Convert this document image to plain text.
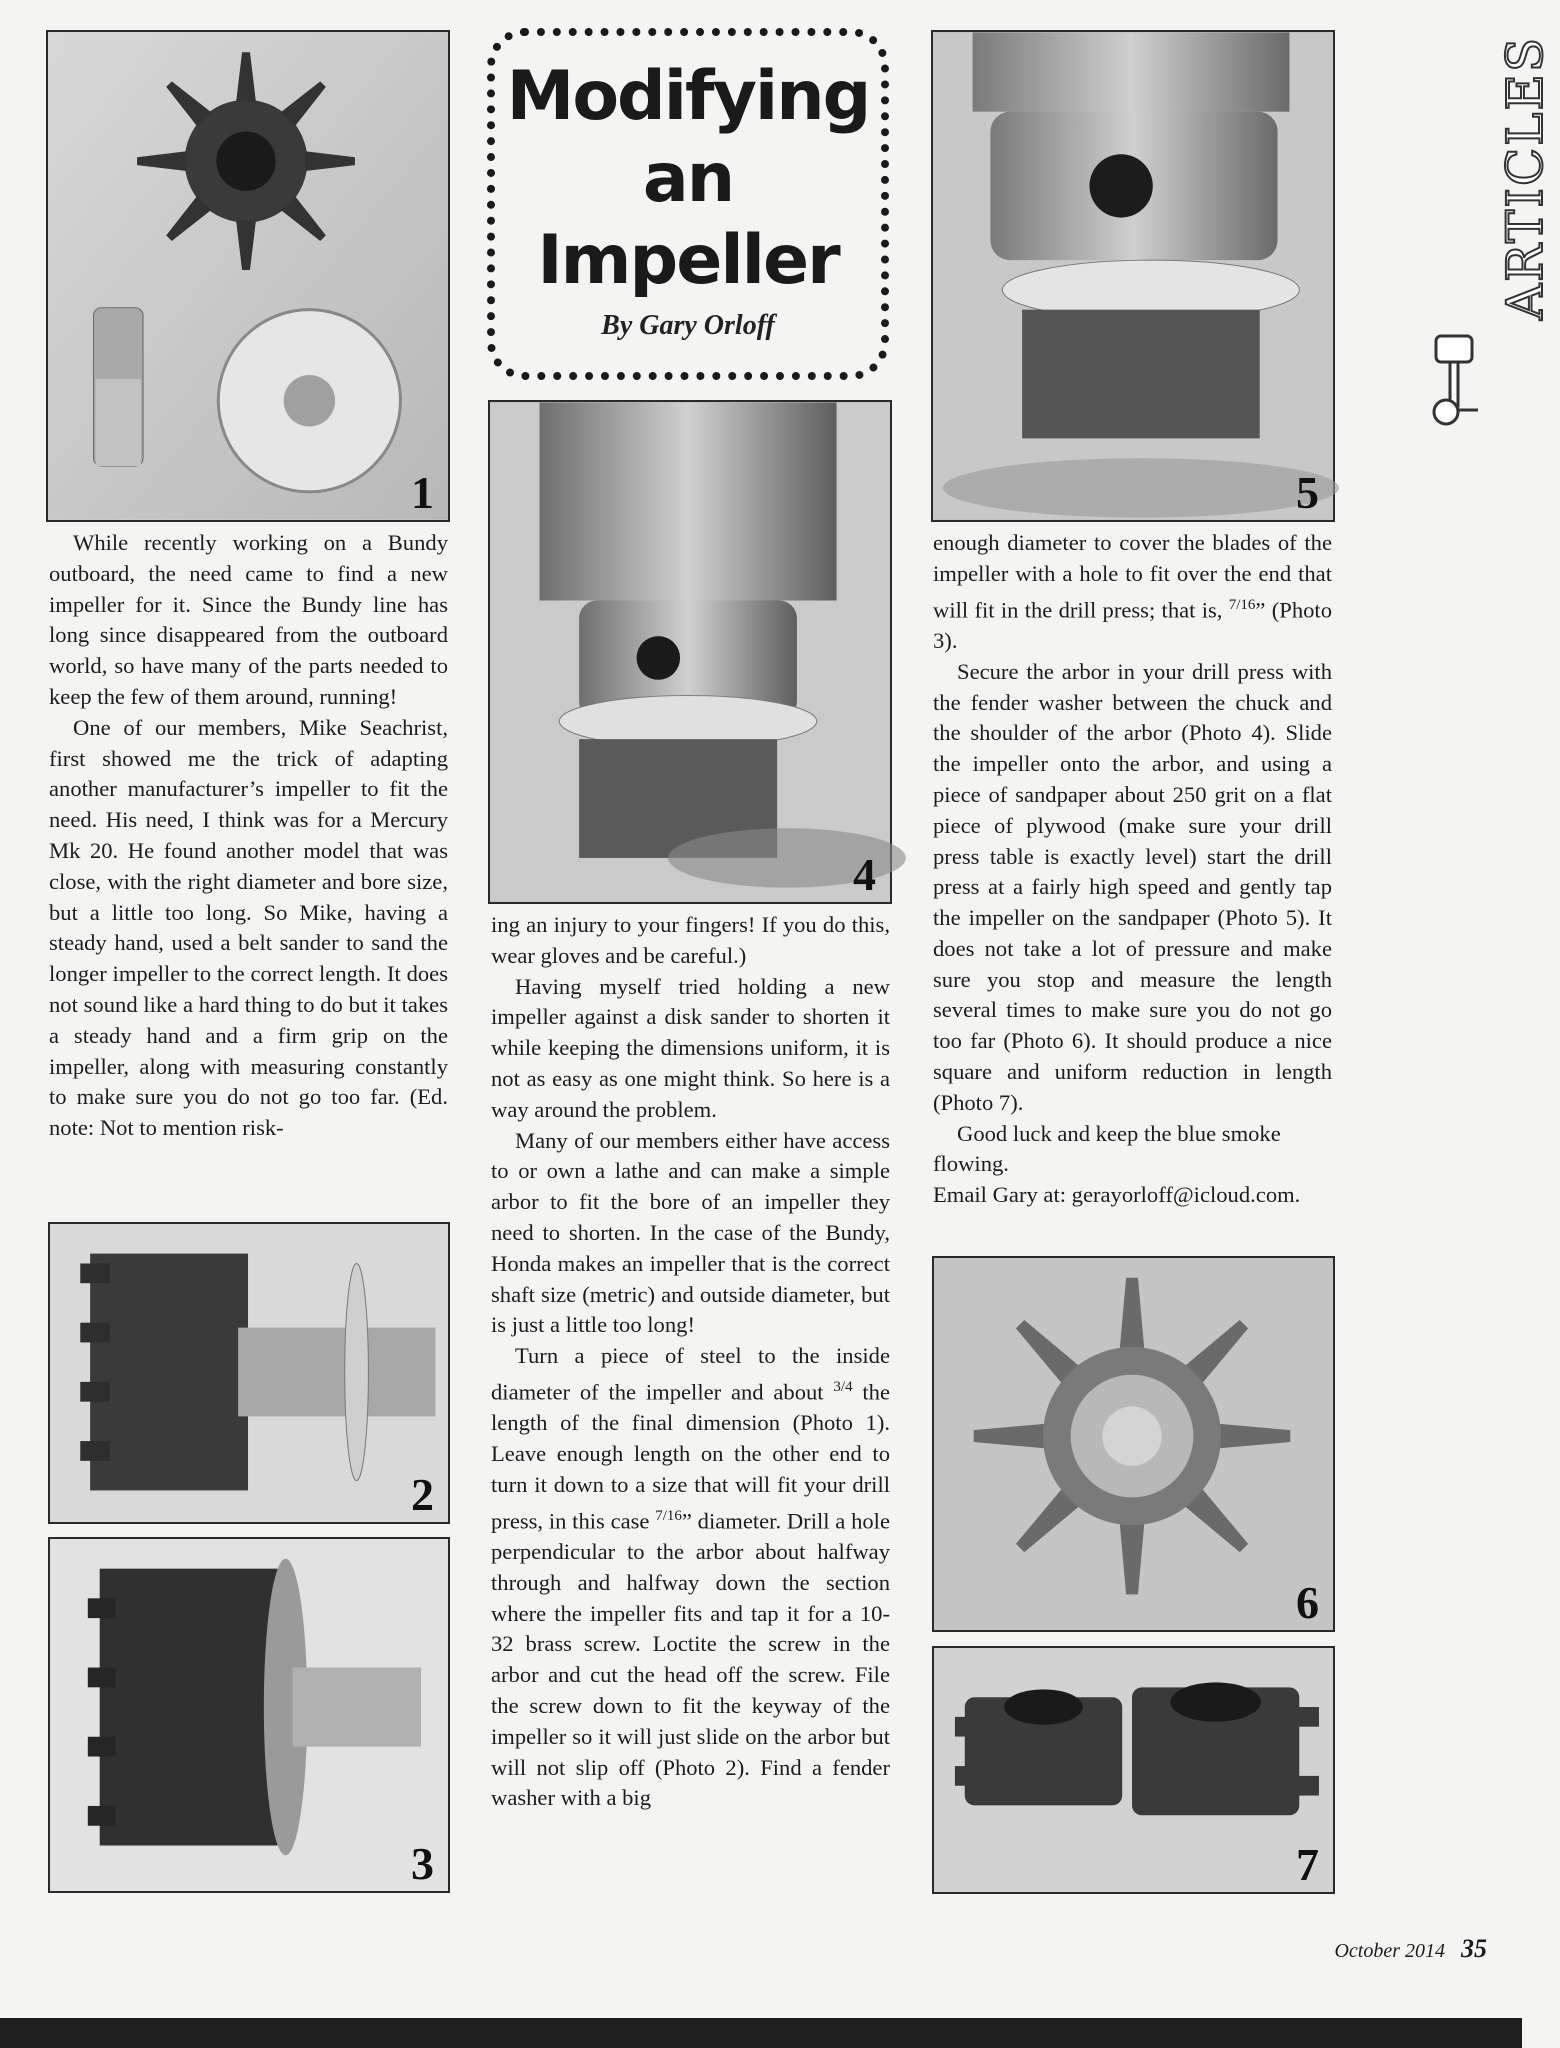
1
Modifying
an
Impeller
By Gary Orloff
5
ARTICLES
4

While recently working on a Bundy outboard, the need came to find a new impeller for it. Since the Bundy line has long since disappeared from the outboard world, so have many of the parts needed to keep the few of them around, running!

One of our members, Mike Seachrist, first showed me the trick of adapting another manufacturer’s impeller to fit the need. His need, I think was for a Mercury Mk 20. He found another model that was close, with the right diameter and bore size, but a little too long. So Mike, having a steady hand, used a belt sander to sand the longer impeller to the correct length. It does not sound like a hard thing to do but it takes a steady hand and a firm grip on the impeller, along with measuring constantly to make sure you do not go too far. (Ed. note: Not to mention risk-

2
3

ing an injury to your fingers! If you do this, wear gloves and be careful.)

Having myself tried holding a new impeller against a disk sander to shorten it while keeping the dimensions uniform, it is not as easy as one might think. So here is a way around the problem.

Many of our members either have access to or own a lathe and can make a simple arbor to fit the bore of an impeller they need to shorten. In the case of the Bundy, Honda makes an impeller that is the correct shaft size (metric) and outside diameter, but is just a little too long!

Turn a piece of steel to the inside diameter of the impeller and about $^{3/4}$ the length of the final dimension (Photo 1). Leave enough length on the other end to turn it down to a size that will fit your drill press, in this case $^{7/16}$” diameter. Drill a hole perpendicular to the arbor about halfway through and halfway down the section where the impeller fits and tap it for a 10-32 brass screw. Loctite the screw in the arbor and cut the head off the screw. File the screw down to fit the keyway of the impeller so it will just slide on the arbor but will not slip off (Photo 2). Find a fender washer with a big

enough diameter to cover the blades of the impeller with a hole to fit over the end that will fit in the drill press; that is, $^{7/16}$” (Photo 3).

Secure the arbor in your drill press with the fender washer between the chuck and the shoulder of the arbor (Photo 4). Slide the impeller onto the arbor, and using a piece of sandpaper about 250 grit on a flat piece of plywood (make sure your drill press table is exactly level) start the drill press at a fairly high speed and gently tap the impeller on the sandpaper (Photo 5). It does not take a lot of pressure and make sure you stop and measure the length several times to make sure you do not go too far (Photo 6). It should produce a nice square and uniform reduction in length (Photo 7).

Good luck and keep the blue smoke flowing.

Email Gary at: gerayorloff@icloud.com.

6
7
October 2014 35
